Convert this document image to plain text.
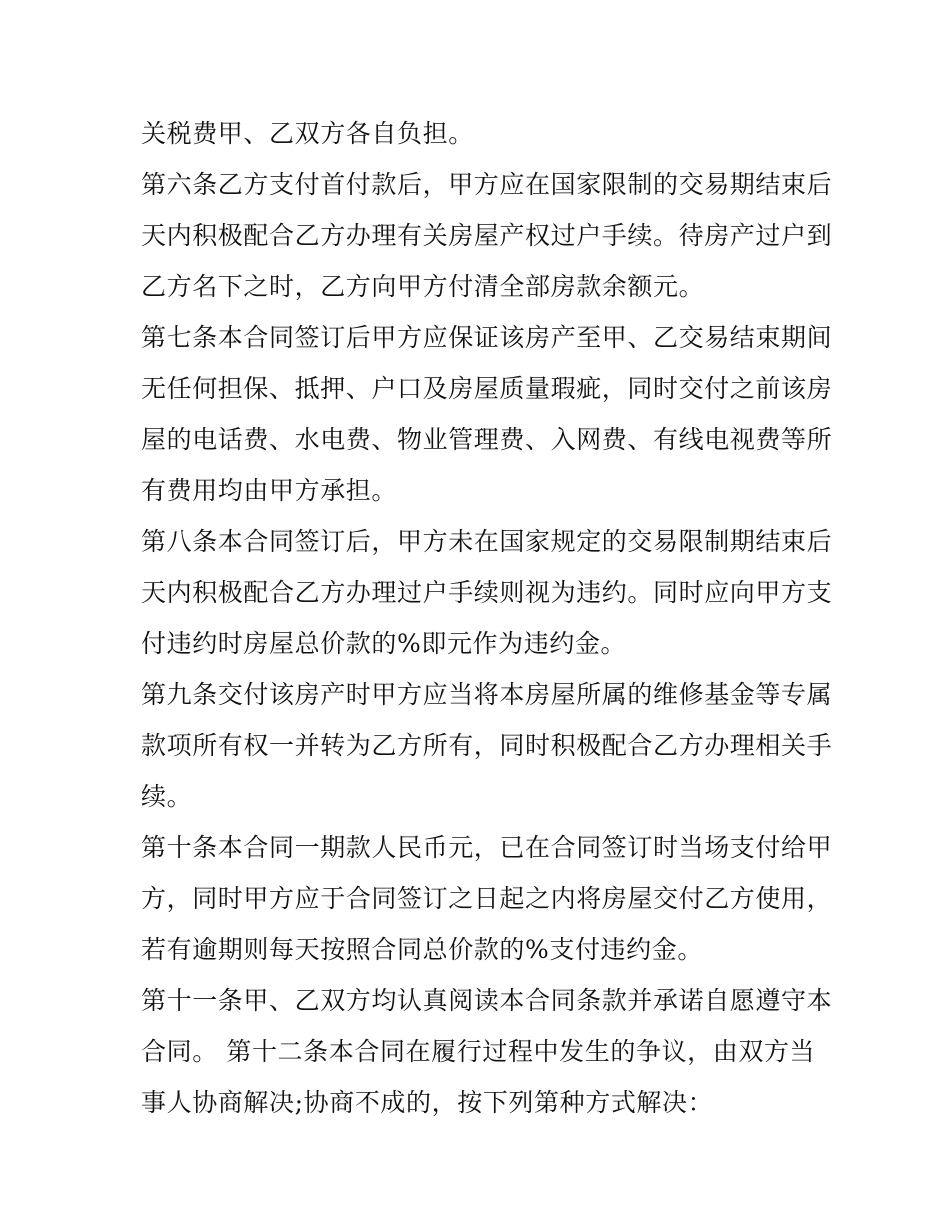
关税费甲、乙双方各自负担。
第六条乙方支付首付款后，甲方应在国家限制的交易期结束后
天内积极配合乙方办理有关房屋产权过户手续。待房产过户到
乙方名下之时，乙方向甲方付清全部房款余额元。
第七条本合同签订后甲方应保证该房产至甲、乙交易结束期间
无任何担保、抵押、户口及房屋质量瑕疵，同时交付之前该房
屋的电话费、水电费、物业管理费、入网费、有线电视费等所
有费用均由甲方承担。
第八条本合同签订后，甲方未在国家规定的交易限制期结束后
天内积极配合乙方办理过户手续则视为违约。同时应向甲方支
付违约时房屋总价款的%即元作为违约金。
第九条交付该房产时甲方应当将本房屋所属的维修基金等专属
款项所有权一并转为乙方所有，同时积极配合乙方办理相关手
续。
第十条本合同一期款人民币元，已在合同签订时当场支付给甲
方，同时甲方应于合同签订之日起之内将房屋交付乙方使用，
若有逾期则每天按照合同总价款的%支付违约金。
第十一条甲、乙双方均认真阅读本合同条款并承诺自愿遵守本
合同。 第十二条本合同在履行过程中发生的争议，由双方当
事人协商解决;协商不成的，按下列第种方式解决：
